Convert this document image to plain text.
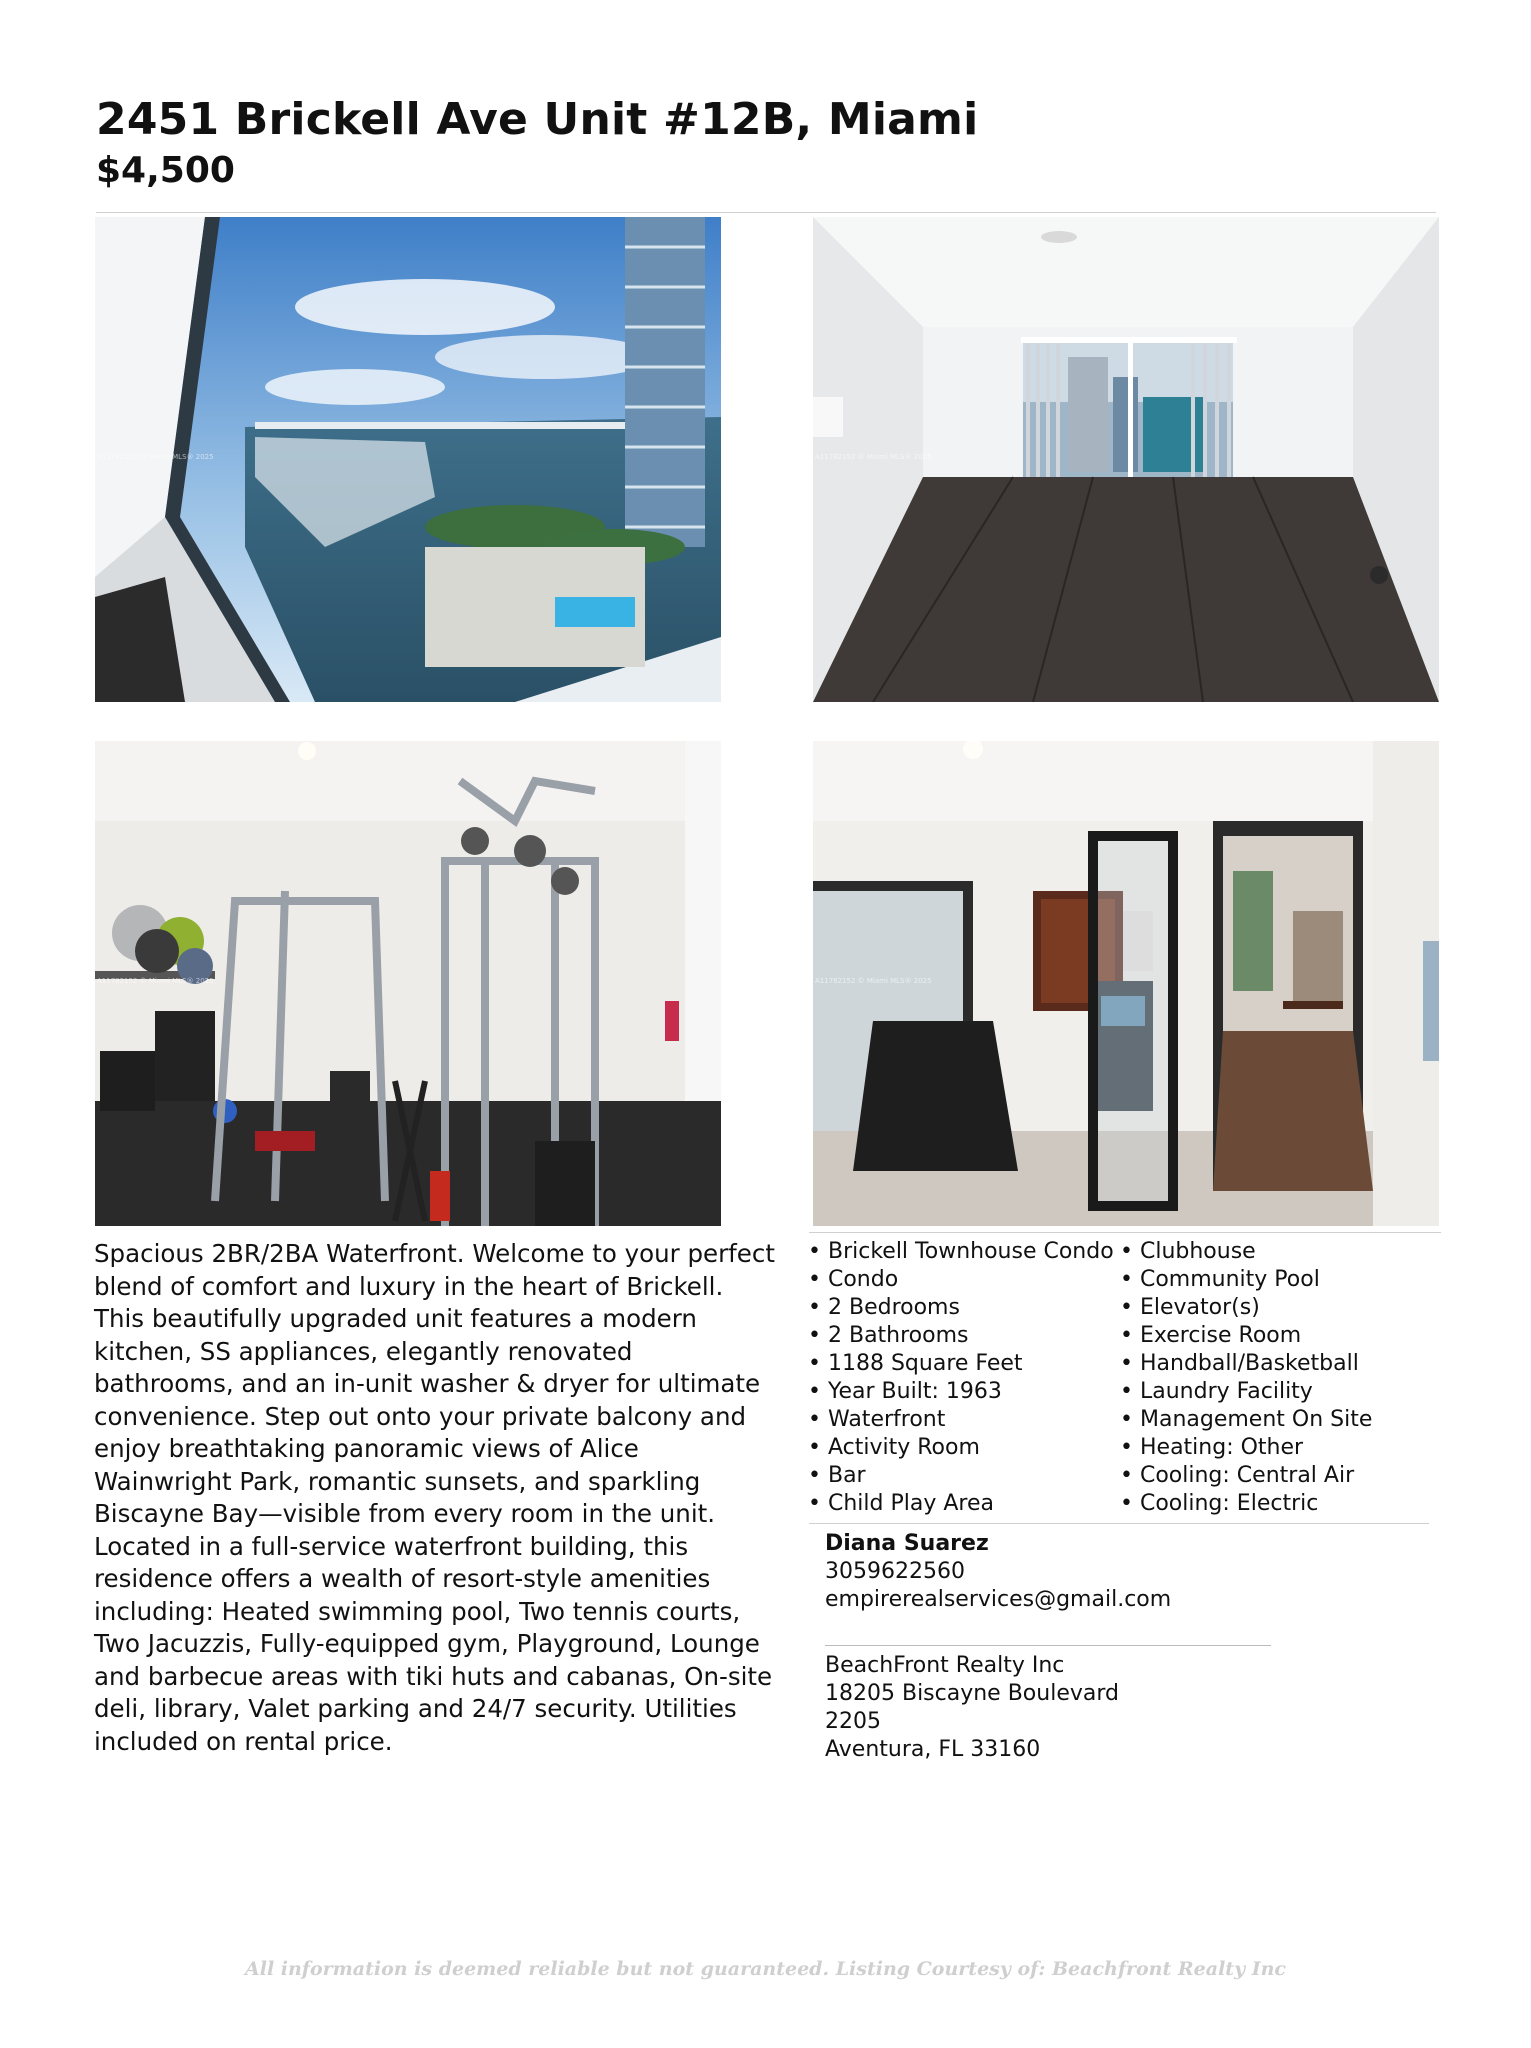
2451 Brickell Ave Unit #12B, Miami
$4,500
A11782152 © Miami MLS® 2025	A11782152 © Miami MLS® 2025
A11782152 © Miami MLS® 2025	A11782152 © Miami MLS® 2025

Spacious 2BR/2BA Waterfront. Welcome to your perfect blend of comfort and luxury in the heart of Brickell. This beautifully upgraded unit features a modern kitchen, SS appliances, elegantly renovated bathrooms, and an in-unit washer & dryer for ultimate convenience. Step out onto your private balcony and enjoy breathtaking panoramic views of Alice Wainwright Park, romantic sunsets, and sparkling Biscayne Bay—visible from every room in the unit. Located in a full-service waterfront building, this residence offers a wealth of resort-style amenities including: Heated swimming pool, Two tennis courts, Two Jacuzzis, Fully-equipped gym, Playground, Lounge and barbecue areas with tiki huts and cabanas, On-site deli, library, Valet parking and 24/7 security. Utilities included on rental price.

• Brickell Townhouse Condo
• Condo
• 2 Bedrooms
• 2 Bathrooms
• 1188 Square Feet
• Year Built: 1963
• Waterfront
• Activity Room
• Bar
• Child Play Area
• Clubhouse
• Community Pool
• Elevator(s)
• Exercise Room
• Handball/Basketball
• Laundry Facility
• Management On Site
• Heating: Other
• Cooling: Central Air
• Cooling: Electric
Diana Suarez
3059622560
empirerealservices@gmail.com
BeachFront Realty Inc
18205 Biscayne Boulevard
2205
Aventura, FL 33160
All information is deemed reliable but not guaranteed. Listing Courtesy of: Beachfront Realty Inc
